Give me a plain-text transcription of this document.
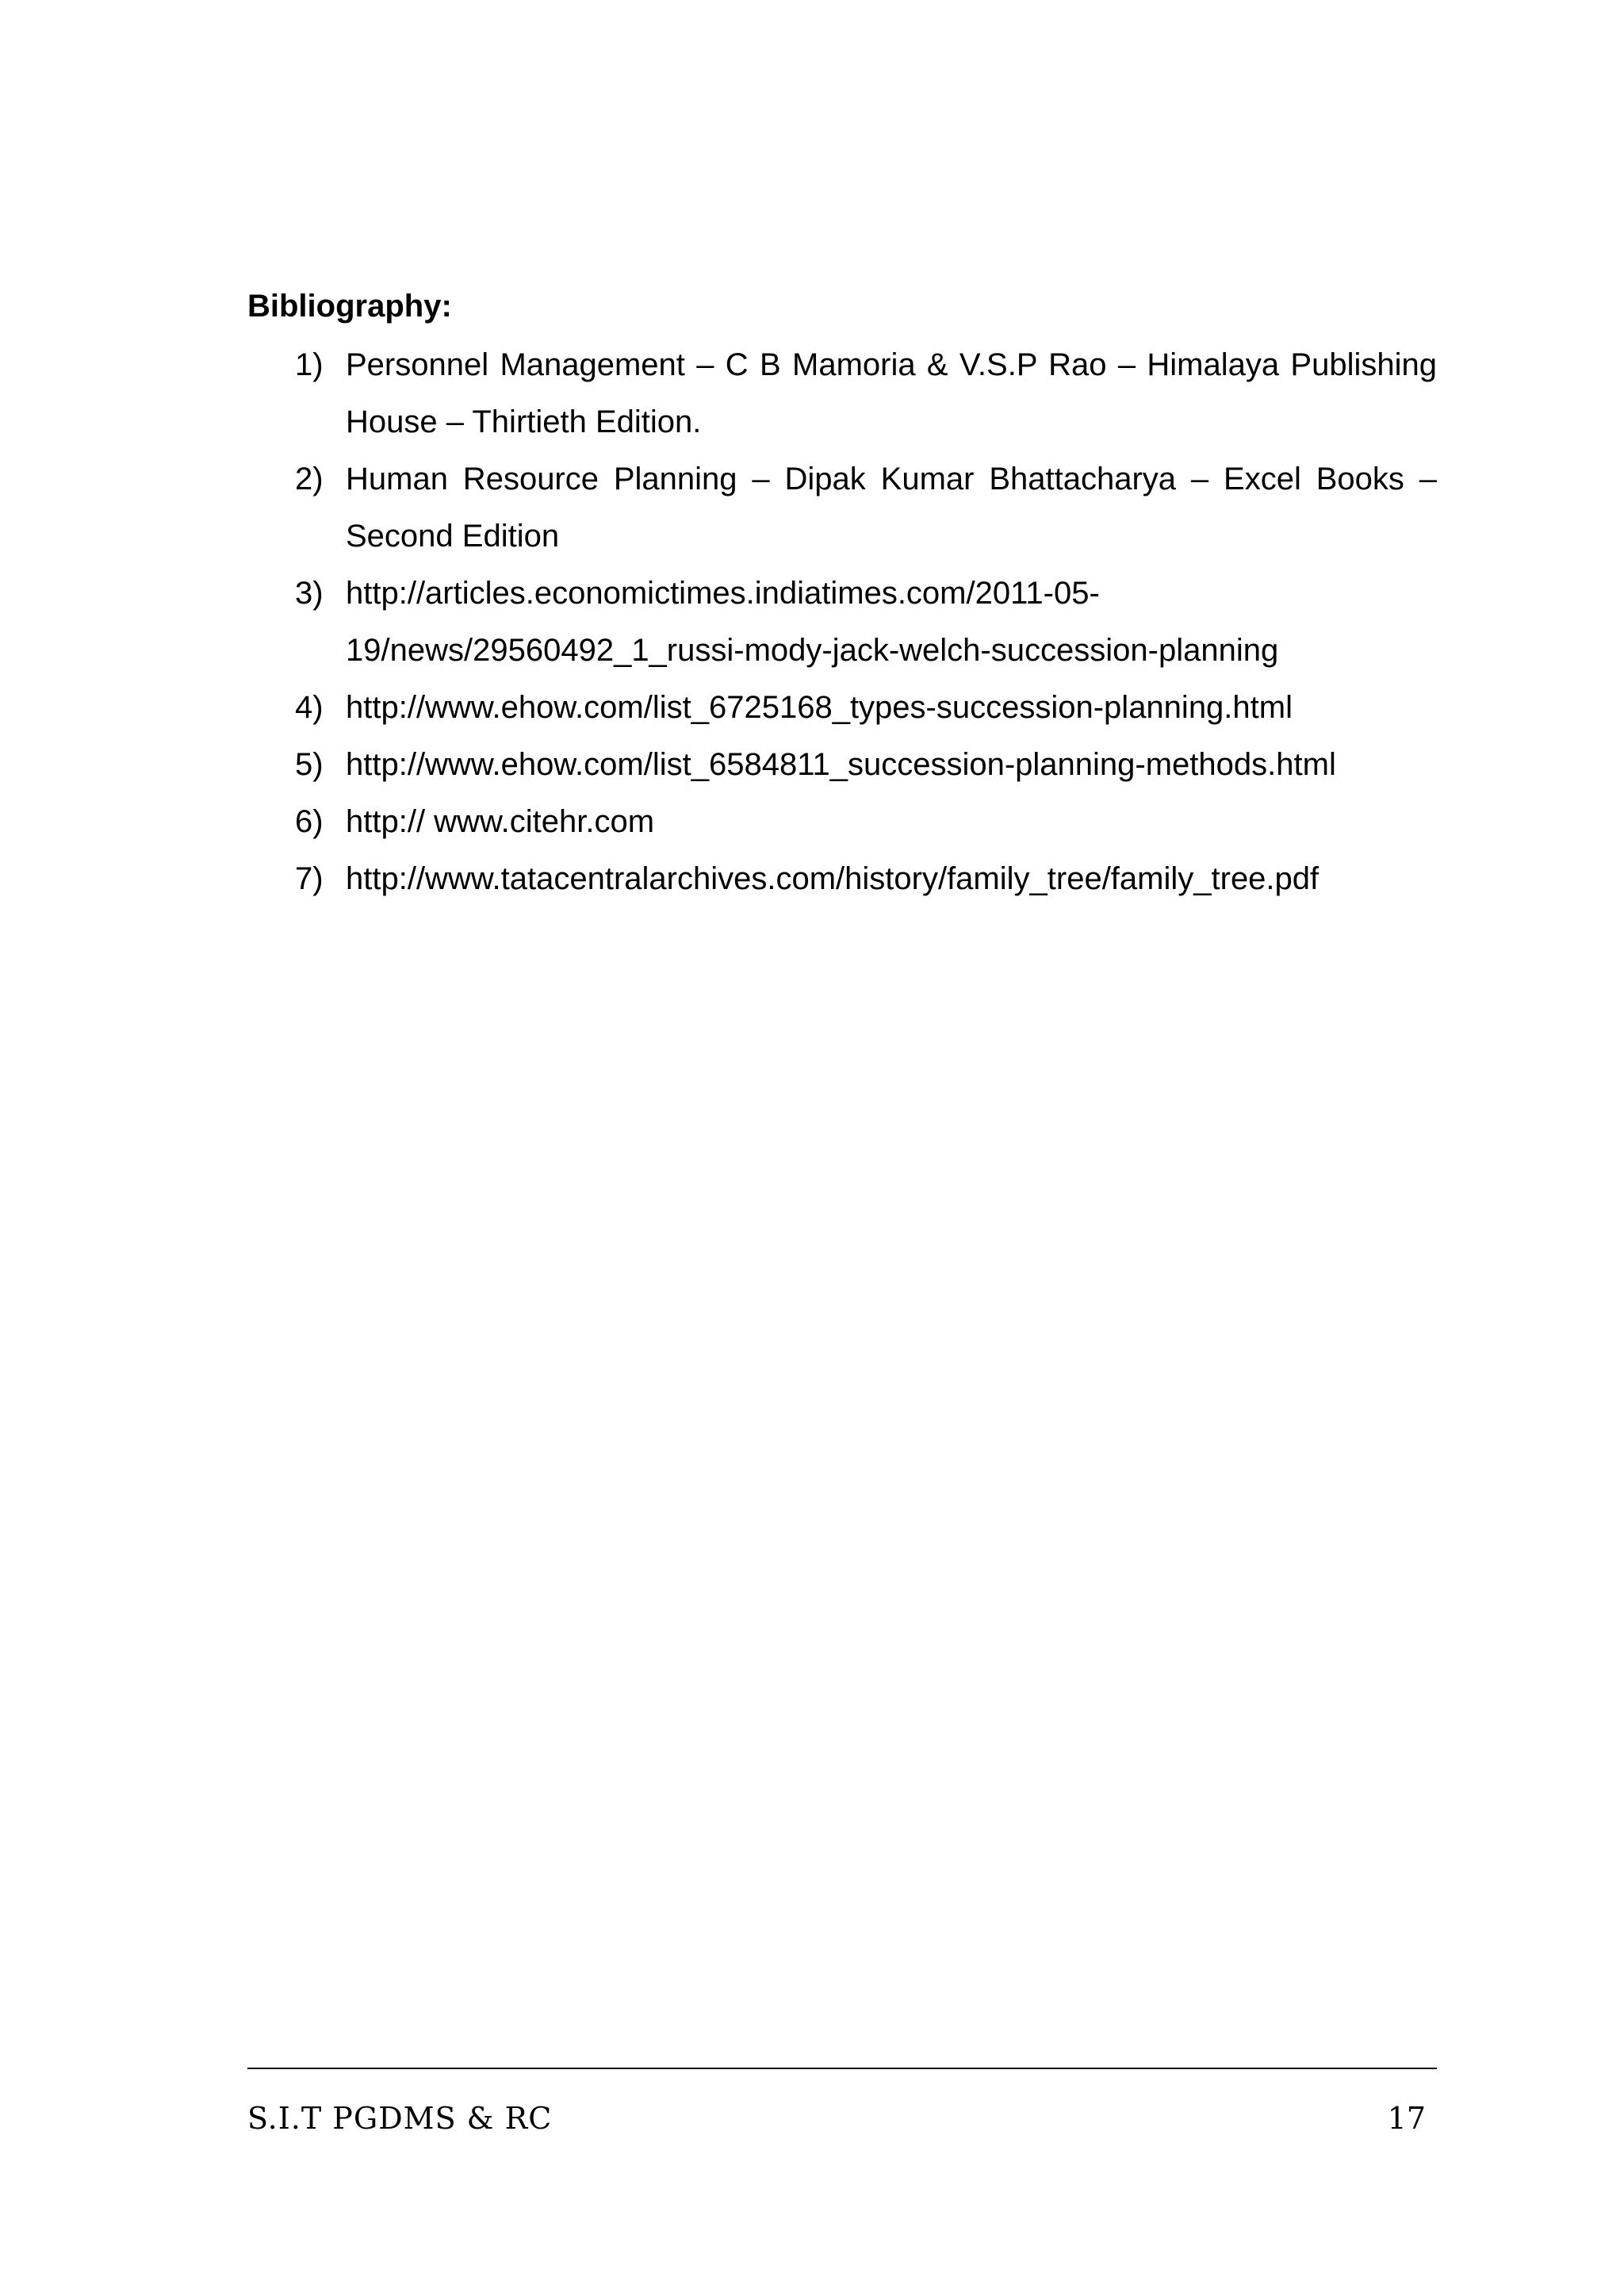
Bibliography:
1) Personnel Management – C B Mamoria & V.S.P Rao – Himalaya Publishing House – Thirtieth Edition.
2) Human Resource Planning – Dipak Kumar Bhattacharya – Excel Books – Second Edition
3) http://articles.economictimes.indiatimes.com/2011-05-
19/news/29560492_1_russi-mody-jack-welch-succession-planning
4) http://www.ehow.com/list_6725168_types-succession-planning.html
5) http://www.ehow.com/list_6584811_succession-planning-methods.html
6) http:// www.citehr.com
7) http://www.tatacentralarchives.com/history/family_tree/family_tree.pdf
S.I.T PGDMS & RC	17
